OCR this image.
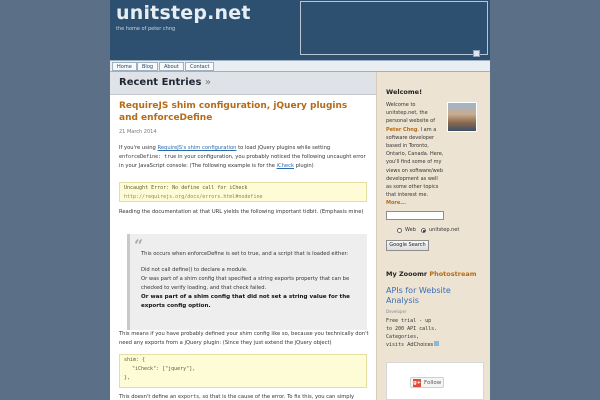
unitstep.net
the home of peter chng
Home	Blog	About	Contact
Recent Entries »
RequireJS shim configuration, jQuery plugins and enforceDefine
21 March 2014
If you're using RequireJS's shim configuration to load jQuery plugins while setting enforceDefine: true in your configuration, you probably noticed the following uncaught error in your JavaScript console: (The following example is for the iCheck plugin)
Uncaught Error: No define call for iCheck
http://requirejs.org/docs/errors.html#nodefine
Reading the documentation at that URL yields the following important tidbit. (Emphasis mine)
“
This occurs when enforceDefine is set to true, and a script that is loaded either:
Did not call define() to declare a module.
Or was part of a shim config that specified a string exports property that can be checked to verify loading, and that check failed.
Or was part of a shim config that did not set a string value for the exports config option.
This means if you have probably defined your shim config like so, because you technically don't need any exports from a jQuery plugin: (Since they just extend the jQuery object)
shim: {
"iCheck": ["jquery"],
},
This doesn't define an exports, so that is the cause of the error. To fix this, you can simply
Welcome!
Welcome to unitstep.net, the personal website of Peter Chng. I am a software developer based in Toronto, Ontario, Canada. Here, you'll find some of my views on software/web development as well as some other topics that interest me. More...
Web	unitstep.net
Google Search
My Zooomr Photostream
APIs for Website Analysis
Developer
Free trial - up
to 200 API calls.
Categories,
visits AdChoices
g+ Follow
